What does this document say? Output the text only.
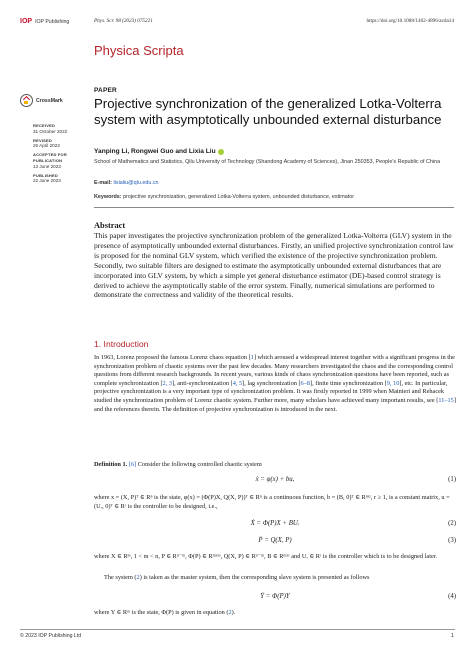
IOP IOP Publishing	Phys. Scr. 98 (2023) 075221	https://doi.org/10.1088/1402-4896/acda14
Physica Scripta
CrossMark
RECEIVED
31 October 2022
REVISED
26 April 2023
ACCEPTED FOR PUBLICATION
13 June 2023
PUBLISHED
22 June 2023
PAPER
Projective synchronization of the generalized Lotka-Volterra system with asymptotically unbounded external disturbance
Yanping Li, Rongwei Guo and Lixia Liu
School of Mathematics and Statistics, Qilu University of Technology (Shandong Academy of Sciences), Jinan 250353, People's Republic of China
E-mail: lixialiu@qlu.edu.cn
Keywords: projective synchronization, generalized Lotka-Volterra system, unbounded disturbance, estimator
Abstract
This paper investigates the projective synchronization problem of the generalized Lotka-Volterra (GLV) system in the presence of asymptotically unbounded external disturbances. Firstly, an unified projective synchronization control law is proposed for the nominal GLV system, which verified the existence of the projective synchronization problem. Secondly, two suitable filters are designed to estimate the asymptotically unbounded external disturbances that are incorporated into GLV system, by which a simple yet general disturbance estimator (DE)-based control strategy is derived to achieve the asymptotically stable of the error system. Finally, numerical simulations are performed to demonstrate the correctness and validity of the theoretical results.
1. Introduction
In 1963, Lorenz proposed the famous Lorenz chaos equation [1] which aroused a widespread interest together with a significant progress in the synchronization problem of chaotic systems over the past few decades. Many researchers investigated the chaos and the corresponding control questions from different research backgrounds. In recent years, various kinds of chaos synchronization questions have been reported, such as complete synchronization [2, 3], anti-synchronization [4, 5], lag synchronization [6–8], finite time synchronization [9, 10], etc. In particular, projective synchronization is a very important type of synchronization problem. It was firstly reported in 1999 when Mainieri and Rehacek studied the synchronization problem of Lorenz chaotic system. Further more, many scholars have achieved many important results, see [11–15] and the references therein. The definition of projective synchronization is introduced in the next.
Definition 1. [6] Consider the following controlled chaotic system
ẋ = φ(x) + bu,	(1)
where x = (X, P)ᵀ ∈ Rⁿ is the state, φ(x) = (Φ(P)X, Q(X, P))ᵀ ∈ Rⁿ is a continuous function, b = (B, 0)ᵀ ∈ Rⁿˣʳ, r ≥ 1, is a constant matrix, u = (Uᵣ, 0)ᵀ ∈ Rʳ is the controller to be designed, i.e.,
Ẋ = Φ(P)X + BUᵣ	(2)
Ṗ = Q(X, P)	(3)
where X ∈ Rᵐ, 1 < m < n, P ∈ Rⁿ⁻ᵐ, Φ(P) ∈ Rᵐˣᵐ, Q(X, P) ∈ Rⁿ⁻ᵐ, B ∈ Rᵐˣʳ and Uᵣ ∈ Rʳ is the controller which is to be designed later.
The system (2) is taken as the master system, then the corresponding slave system is presented as follows
Ẏ = Φ(P)Y	(4)
where Y ∈ Rᵐ is the state, Φ(P) is given in equation (2).
© 2023 IOP Publishing Ltd	1
